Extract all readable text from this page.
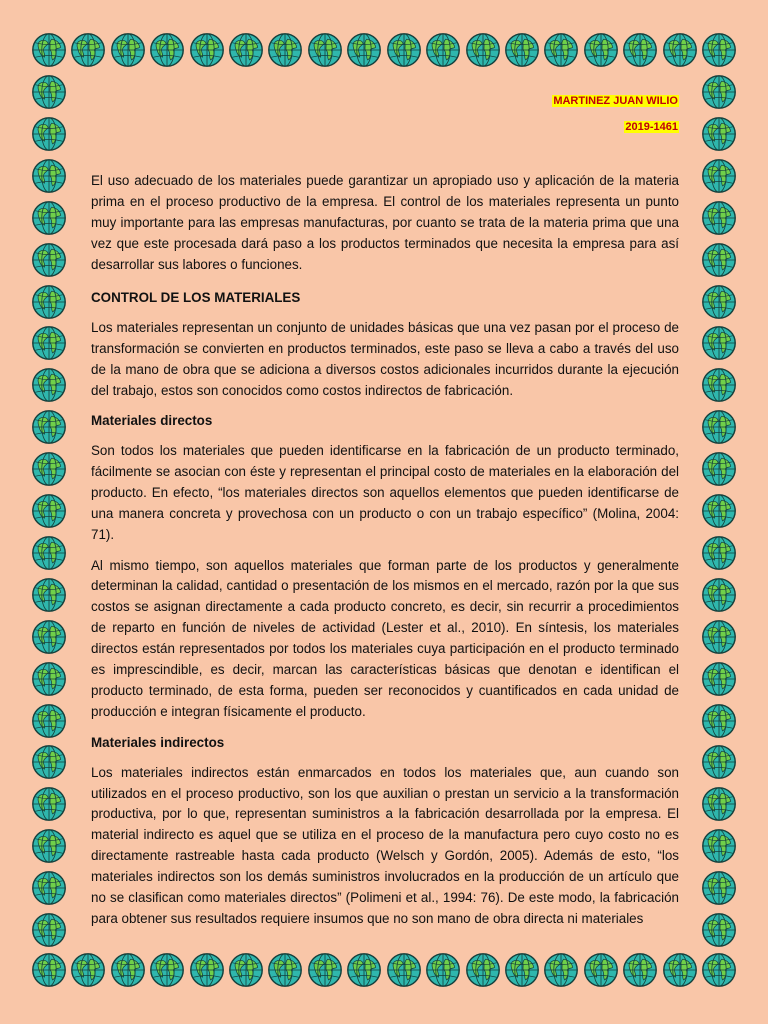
MARTINEZ JUAN WILIO
2019-1461

El uso adecuado de los materiales puede garantizar un apropiado uso y aplicación de la materia prima en el proceso productivo de la empresa. El control de los materiales representa un punto muy importante para las empresas manufacturas, por cuanto se trata de la materia prima que una vez que este procesada dará paso a los productos terminados que necesita la empresa para así desarrollar sus labores o funciones.

CONTROL DE LOS MATERIALES

Los materiales representan un conjunto de unidades básicas que una vez pasan por el proceso de transformación se convierten en productos terminados, este paso se lleva a cabo a través del uso de la mano de obra que se adiciona a diversos costos adicionales incurridos durante la ejecución del trabajo, estos son conocidos como costos indirectos de fabricación.

Materiales directos

Son todos los materiales que pueden identificarse en la fabricación de un producto terminado, fácilmente se asocian con éste y representan el principal costo de materiales en la elaboración del producto. En efecto, “los materiales directos son aquellos elementos que pueden identificarse de una manera concreta y provechosa con un producto o con un trabajo específico” (Molina, 2004: 71).

Al mismo tiempo, son aquellos materiales que forman parte de los productos y generalmente determinan la calidad, cantidad o presentación de los mismos en el mercado, razón por la que sus costos se asignan directamente a cada producto concreto, es decir, sin recurrir a procedimientos de reparto en función de niveles de actividad (Lester et al., 2010). En síntesis, los materiales directos están representados por todos los materiales cuya participación en el producto terminado es imprescindible, es decir, marcan las características básicas que denotan e identifican el producto terminado, de esta forma, pueden ser reconocidos y cuantificados en cada unidad de producción e integran físicamente el producto.

Materiales indirectos

Los materiales indirectos están enmarcados en todos los materiales que, aun cuando son utilizados en el proceso productivo, son los que auxilian o prestan un servicio a la transformación productiva, por lo que, representan suministros a la fabricación desarrollada por la empresa. El material indirecto es aquel que se utiliza en el proceso de la manufactura pero cuyo costo no es directamente rastreable hasta cada producto (Welsch y Gordón, 2005). Además de esto, “los materiales indirectos son los demás suministros involucrados en la producción de un artículo que no se clasifican como materiales directos” (Polimeni et al., 1994: 76). De este modo, la fabricación para obtener sus resultados requiere insumos que no son mano de obra directa ni materiales
